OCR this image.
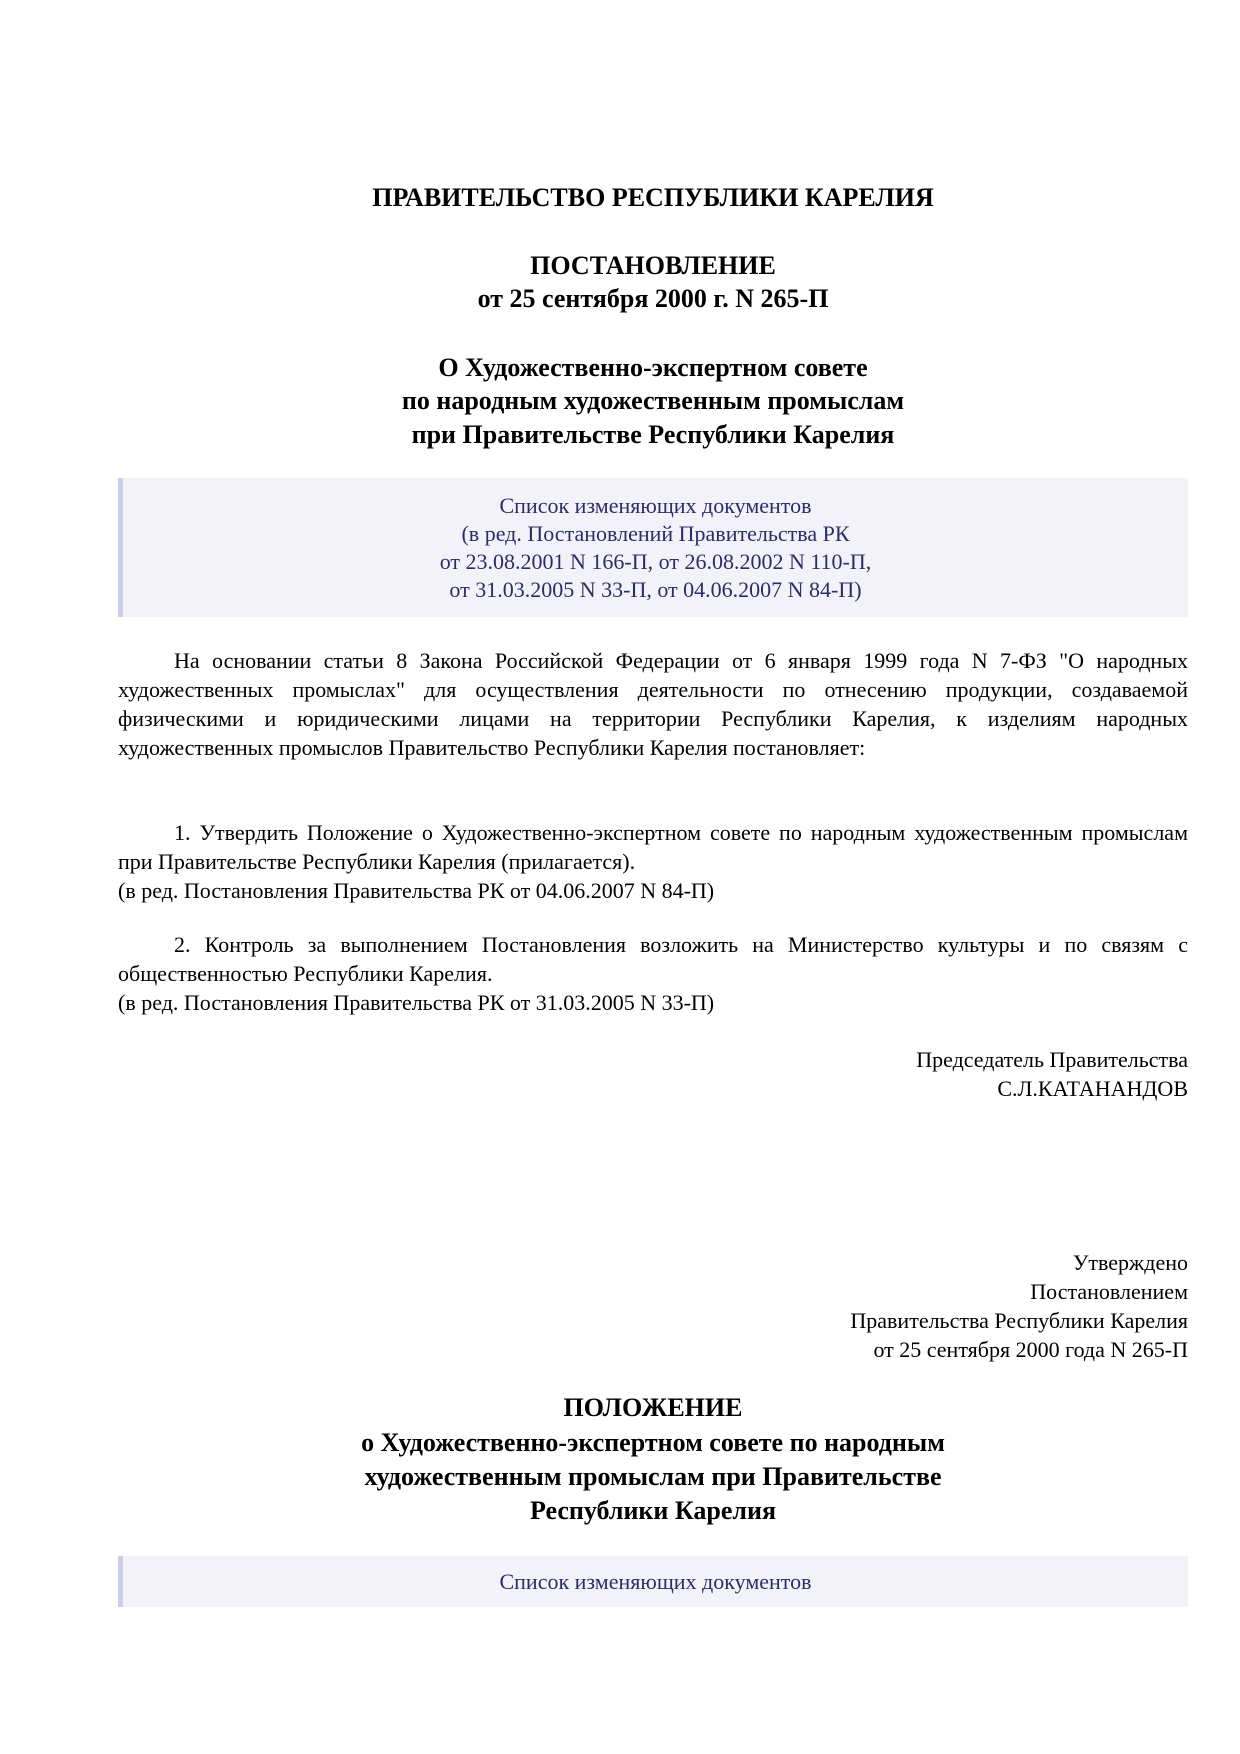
ПРАВИТЕЛЬСТВО РЕСПУБЛИКИ КАРЕЛИЯ
ПОСТАНОВЛЕНИЕ
от 25 сентября 2000 г. N 265-П
О Художественно-экспертном совете
по народным художественным промыслам
при Правительстве Республики Карелия
Список изменяющих документов
(в ред. Постановлений Правительства РК
от 23.08.2001 N 166-П, от 26.08.2002 N 110-П,
от 31.03.2005 N 33-П, от 04.06.2007 N 84-П)

На основании статьи 8 Закона Российской Федерации от 6 января 1999 года N 7-ФЗ "О народных художественных промыслах" для осуществления деятельности по отнесению продукции, создаваемой физическими и юридическими лицами на территории Республики Карелия, к изделиям народных художественных промыслов Правительство Республики Карелия постановляет:

1. Утвердить Положение о Художественно-экспертном совете по народным художественным промыслам при Правительстве Республики Карелия (прилагается).

(в ред. Постановления Правительства РК от 04.06.2007 N 84-П)

2. Контроль за выполнением Постановления возложить на Министерство культуры и по связям с общественностью Республики Карелия.

(в ред. Постановления Правительства РК от 31.03.2005 N 33-П)

Председатель Правительства
С.Л.КАТАНАНДОВ
Утверждено
Постановлением
Правительства Республики Карелия
от 25 сентября 2000 года N 265-П
ПОЛОЖЕНИЕ
о Художественно-экспертном совете по народным
художественным промыслам при Правительстве
Республики Карелия
Список изменяющих документов
